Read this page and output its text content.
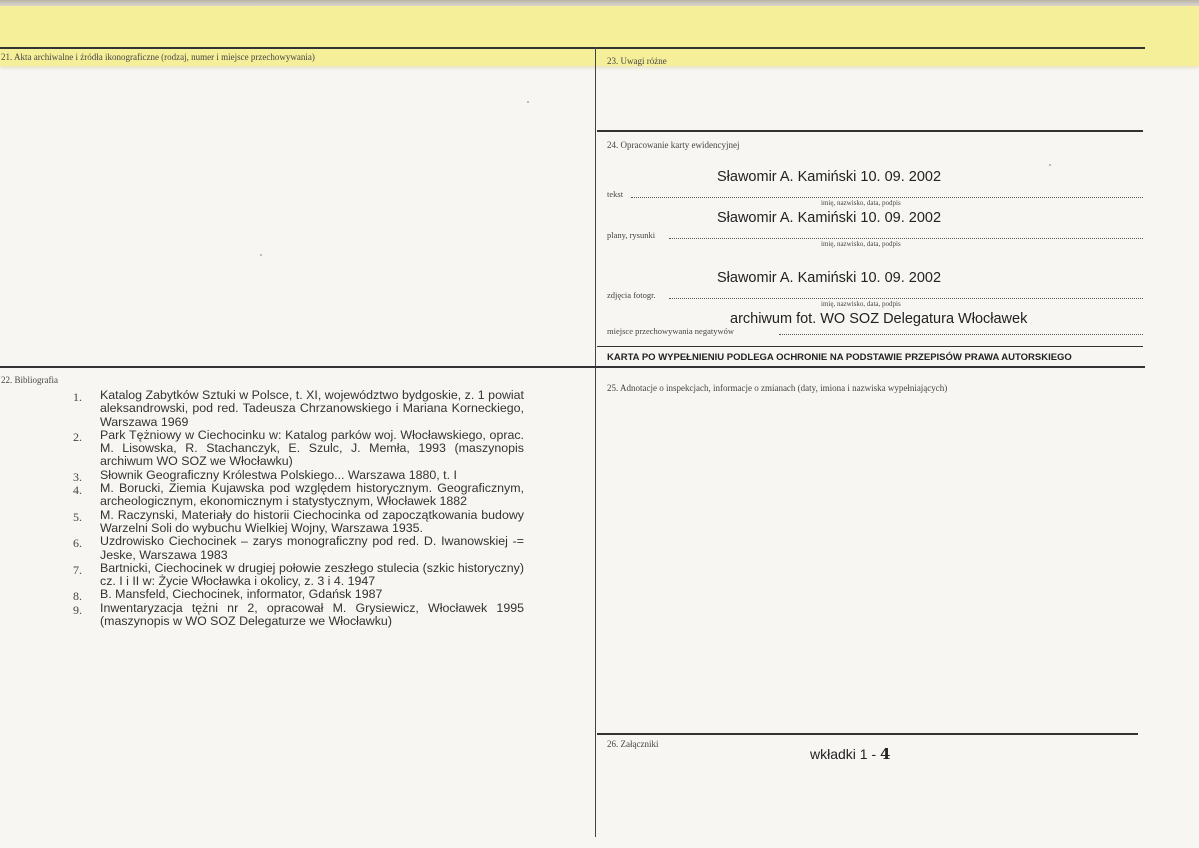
21. Akta archiwalne i źródła ikonograficzne (rodzaj, numer i miejsce przechowywania)	23. Uwagi różne
24. Opracowanie karty ewidencyjnej
22. Bibliografia
25. Adnotacje o inspekcjach, informacje o zmianach (daty, imiona i nazwiska wypełniających)
26. Załączniki
Sławomir A. Kamiński 10. 09. 2002
tekst
imię, nazwisko, data, podpis
Sławomir A. Kamiński 10. 09. 2002
plany, rysunki
imię, nazwisko, data, podpis
Sławomir A. Kamiński 10. 09. 2002
zdjęcia fotogr.
imię, nazwisko, data, podpis
archiwum fot. WO SOZ Delegatura Włocławek
miejsce przechowywania negatywów
KARTA PO WYPEŁNIENIU PODLEGA OCHRONIE NA PODSTAWIE PRZEPISÓW PRAWA AUTORSKIEGO
1. Katalog Zabytków Sztuki w Polsce, t. XI, województwo bydgoskie, z. 1 powiat aleksandrowski, pod red. Tadeusza Chrzanowskiego i Mariana Korneckiego, Warszawa 1969
2. Park Tężniowy w Ciechocinku w: Katalog parków woj. Włocławskiego, oprac. M. Lisowska, R. Stachanczyk, E. Szulc, J. Memła, 1993 (maszynopis archiwum WO SOZ we Włocławku)
3. Słownik Geograficzny Królestwa Polskiego... Warszawa 1880, t. I
4. M. Borucki, Ziemia Kujawska pod względem historycznym. Geograficznym, archeologicznym, ekonomicznym i statystycznym, Włocławek 1882
5. M. Raczynski, Materiały do historii Ciechocinka od zapoczątkowania budowy Warzelni Soli do wybuchu Wielkiej Wojny, Warszawa 1935.
6. Uzdrowisko Ciechocinek – zarys monograficzny pod red. D. Iwanowskiej -= Jeske, Warszawa 1983
7. Bartnicki, Ciechocinek w drugiej połowie zeszłego stulecia (szkic historyczny) cz. I i II w: Życie Włocławka i okolicy, z. 3 i 4. 1947
8. B. Mansfeld, Ciechocinek, informator, Gdańsk 1987
9. Inwentaryzacja tężni nr 2, opracował M. Grysiewicz, Włocławek 1995 (maszynopis w WO SOZ Delegaturze we Włocławku)
wkładki 1 - 4
